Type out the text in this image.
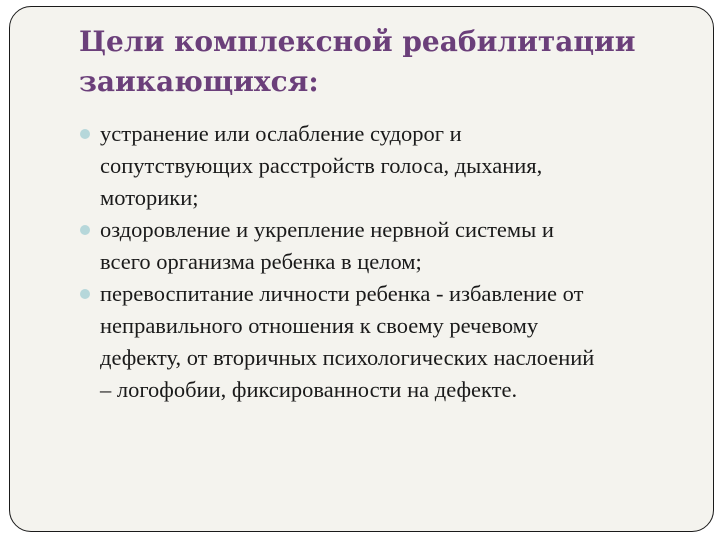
Цели комплексной реабилитации
заикающихся:
устранение или ослабление судорог и
сопутствующих расстройств голоса, дыхания,
моторики;
оздоровление и укрепление нервной системы и
всего организма ребенка в целом;
перевоспитание личности ребенка - избавление от
неправильного отношения к своему речевому
дефекту, от вторичных психологических наслоений
– логофобии, фиксированности на дефекте.
